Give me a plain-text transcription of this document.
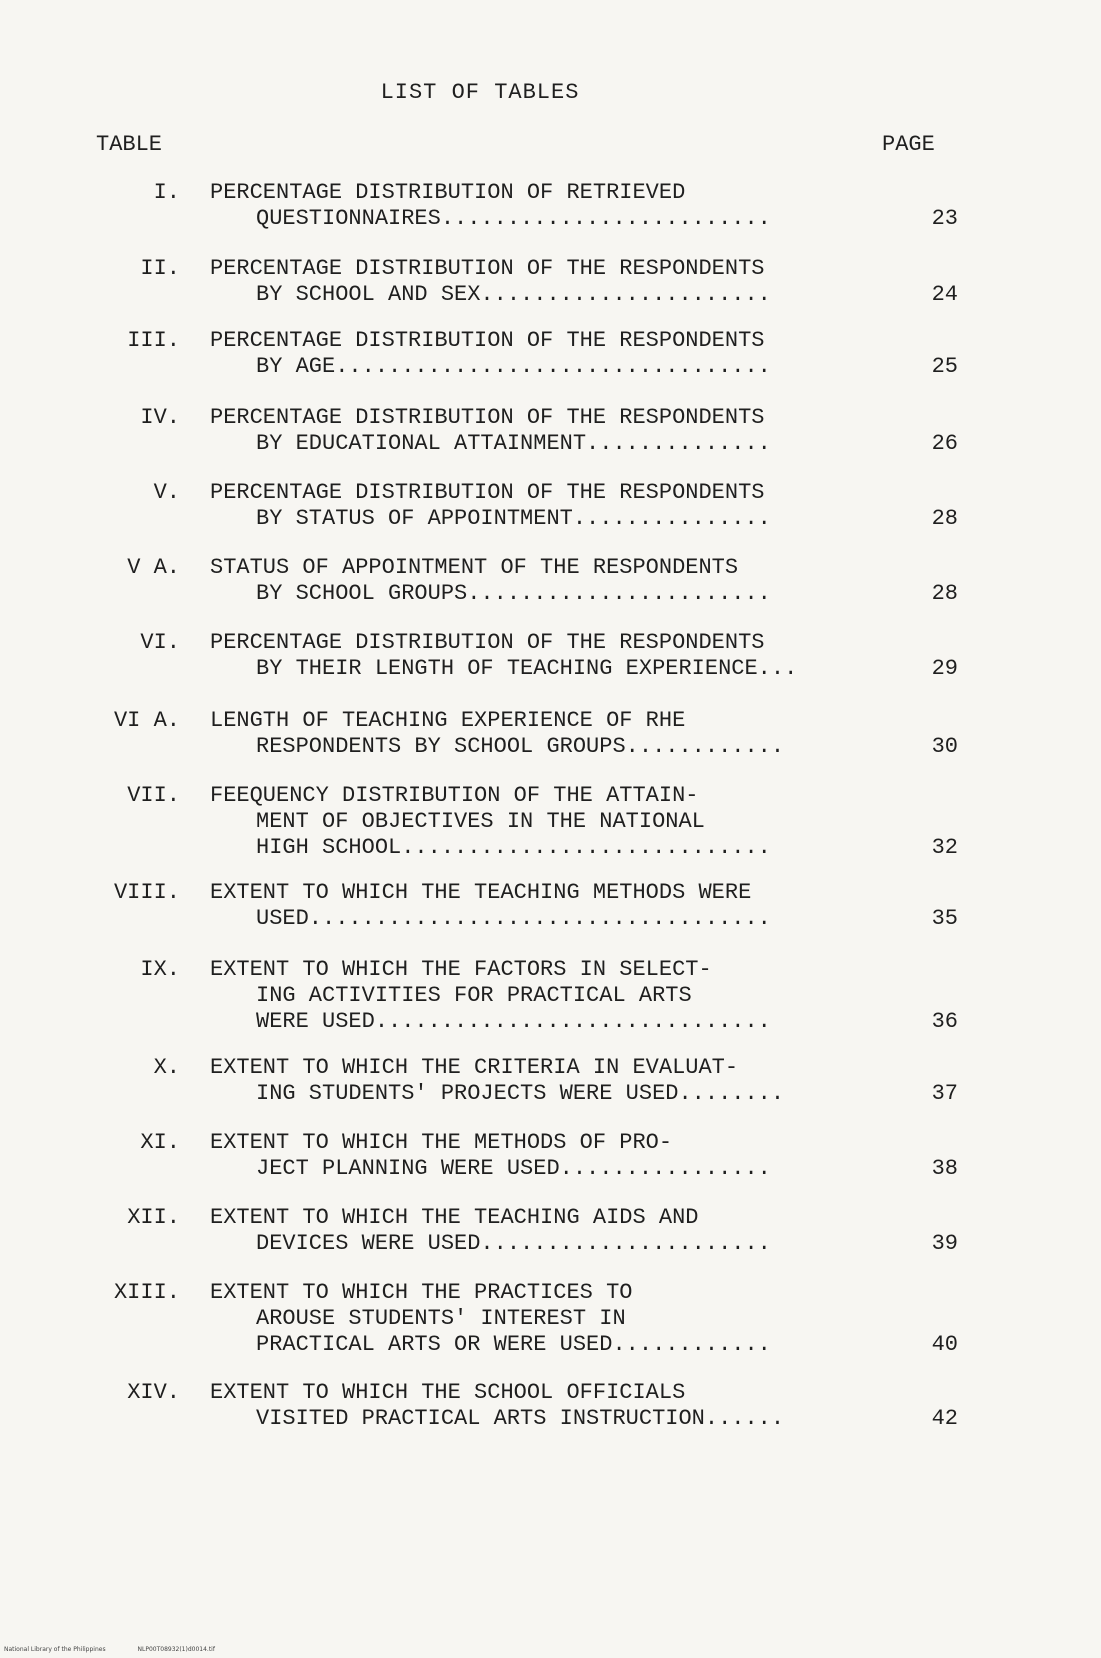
LIST OF TABLES
TABLE	PAGE
I. PERCENTAGE DISTRIBUTION OF RETRIEVED
QUESTIONNAIRES.........................	23
II. PERCENTAGE DISTRIBUTION OF THE RESPONDENTS
BY SCHOOL AND SEX......................	24
III. PERCENTAGE DISTRIBUTION OF THE RESPONDENTS
BY AGE.................................	25
IV. PERCENTAGE DISTRIBUTION OF THE RESPONDENTS
BY EDUCATIONAL ATTAINMENT..............	26
V. PERCENTAGE DISTRIBUTION OF THE RESPONDENTS
BY STATUS OF APPOINTMENT...............	28
V A. STATUS OF APPOINTMENT OF THE RESPONDENTS
BY SCHOOL GROUPS.......................	28
VI. PERCENTAGE DISTRIBUTION OF THE RESPONDENTS
BY THEIR LENGTH OF TEACHING EXPERIENCE...	29
VI A. LENGTH OF TEACHING EXPERIENCE OF RHE
RESPONDENTS BY SCHOOL GROUPS............	30
VII. FEEQUENCY DISTRIBUTION OF THE ATTAIN-
MENT OF OBJECTIVES IN THE NATIONAL
HIGH SCHOOL............................	32
VIII. EXTENT TO WHICH THE TEACHING METHODS WERE
USED...................................	35
IX. EXTENT TO WHICH THE FACTORS IN SELECT-
ING ACTIVITIES FOR PRACTICAL ARTS
WERE USED..............................	36
X. EXTENT TO WHICH THE CRITERIA IN EVALUAT-
ING STUDENTS' PROJECTS WERE USED........	37
XI. EXTENT TO WHICH THE METHODS OF PRO-
JECT PLANNING WERE USED................	38
XII. EXTENT TO WHICH THE TEACHING AIDS AND
DEVICES WERE USED......................	39
XIII. EXTENT TO WHICH THE PRACTICES TO
AROUSE STUDENTS' INTEREST IN
PRACTICAL ARTS OR WERE USED............	40
XIV. EXTENT TO WHICH THE SCHOOL OFFICIALS
VISITED PRACTICAL ARTS INSTRUCTION......	42
National Library of the Philippines	NLP00T08932(1)d0014.tif
